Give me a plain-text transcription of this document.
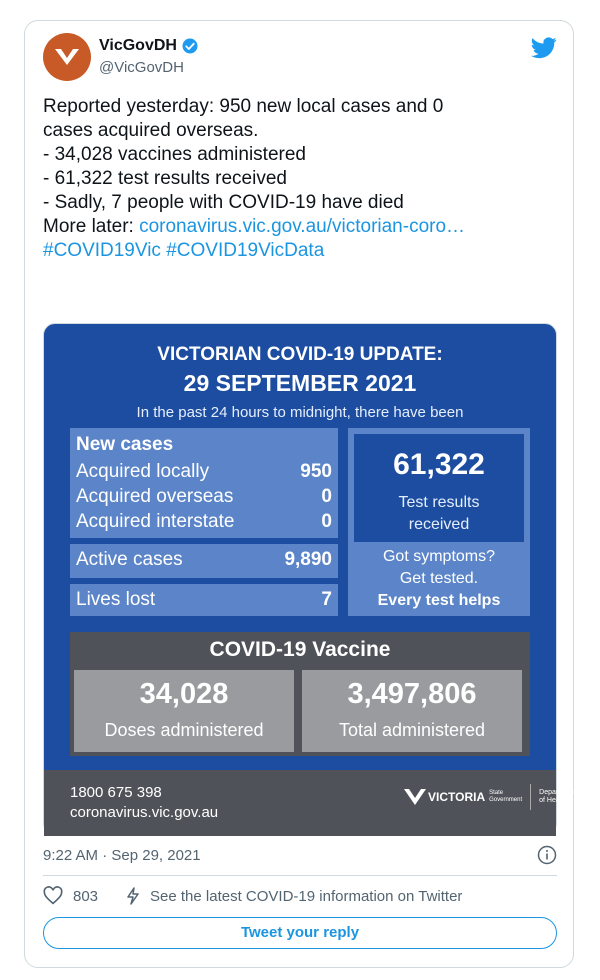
VicGovDH
@VicGovDH
Reported yesterday: 950 new local cases and 0
cases acquired overseas.
- 34,028 vaccines administered
- 61,322 test results received
- Sadly, 7 people with COVID-19 have died
More later: coronavirus.vic.gov.au/victorian-coro…
#COVID19Vic #COVID19VicData
VICTORIAN COVID-19 UPDATE:
29 SEPTEMBER 2021
In the past 24 hours to midnight, there have been
New cases
Acquired locally	950
Acquired overseas	0
Acquired interstate	0
Active cases	9,890
Lives lost	7
61,322
Test results
received
Got symptoms?
Get tested.
Every test helps
COVID-19 Vaccine
34,028
Doses administered
3,497,806
Total administered
1800 675 398
coronavirus.vic.gov.au
VICTORIA State
Government
Department
of Health
9:22 AM · Sep 29, 2021
803	See the latest COVID-19 information on Twitter
Tweet your reply
